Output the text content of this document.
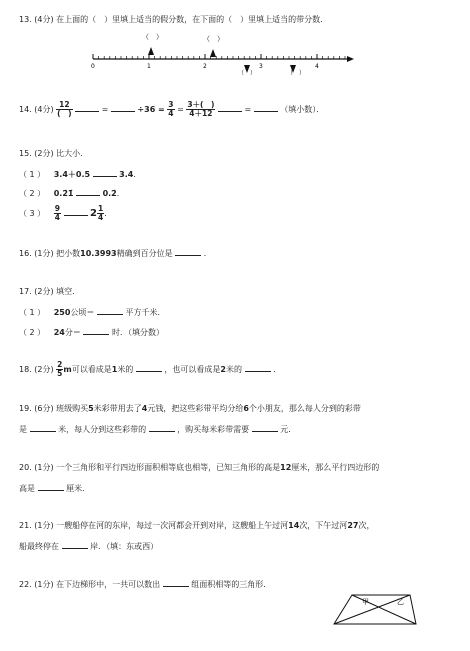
13. (4分) 在上面的（　）里填上适当的假分数，在下面的（　）里填上适当的带分数．
（　）	（　）
0	1	2	3	4
（　）	（　）
14. (4分) $\frac{12}{( )}$	=	$\div 36 = \frac{3}{4} = \frac{3+( )}{4+12}$	=	（填小数）．
15. (2分) 比大小．
（ 1 ） 3.4＋0.5	3.4.
（ 2 ） 0.2̇1̇	0.2̇.
（ 3 ） $\frac{9}{4}$	$2 \frac{1}{4}$ .
16. (1分) 把小数10.3993精确到百分位是	．
17. (2分) 填空．
（ 1 ） 250公顷＝	平方千米．
（ 2 ） 24分＝	时．（填分数）
18. (2分) $\frac{2}{5}$ m可以看成是1米的	，也可以看成是2米的	．
19. (6分) 班级购买5米彩带用去了4元钱，把这些彩带平均分给6个小朋友，那么每人分到的彩带
是	米，每人分到这些彩带的	，购买每米彩带需要	元．
20. (1分) 一个三角形和平行四边形面积相等底也相等，已知三角形的高是12厘米，那么平行四边形的
高是	厘米．
21. (1分) 一艘船停在河的东岸，每过一次河都会开到对岸，这艘船上午过河14次，下午过河27次，
船最终停在	岸．（填：东或西）
22. (1分) 在下边梯形中，一共可以数出	组面积相等的三角形．
甲	乙
